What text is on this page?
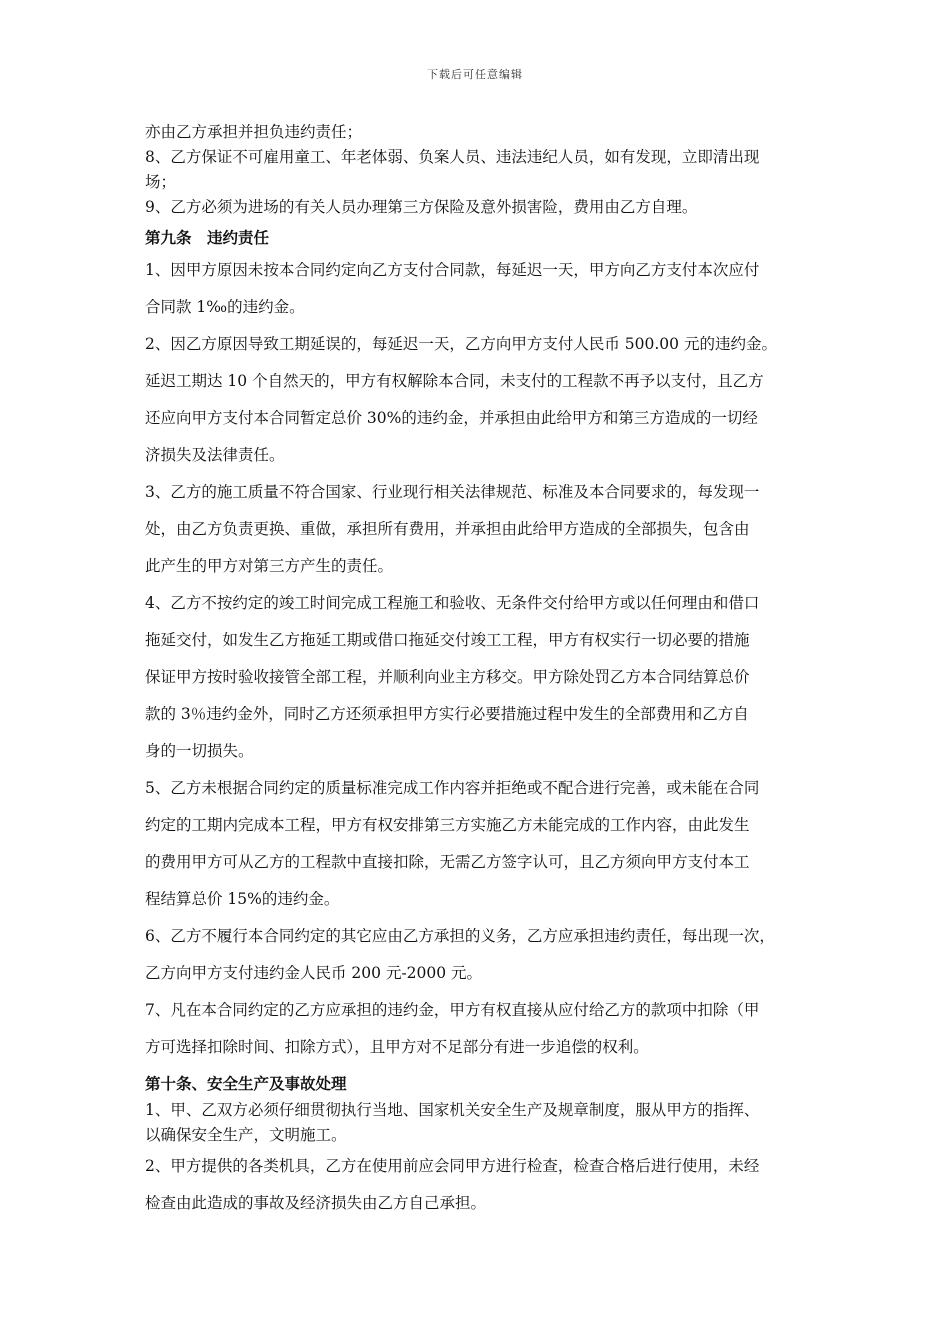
下载后可任意编辑
亦由乙方承担并担负违约责任；
8、乙方保证不可雇用童工、年老体弱、负案人员、违法违纪人员，如有发现，立即清出现
场；
9、乙方必须为进场的有关人员办理第三方保险及意外损害险，费用由乙方自理。
第九条　违约责任
1、因甲方原因未按本合同约定向乙方支付合同款，每延迟一天，甲方向乙方支付本次应付
合同款 1‰的违约金。
2、因乙方原因导致工期延误的，每延迟一天，乙方向甲方支付人民币 500.00 元的违约金。
延迟工期达 10 个自然天的，甲方有权解除本合同，未支付的工程款不再予以支付，且乙方
还应向甲方支付本合同暂定总价 30%的违约金，并承担由此给甲方和第三方造成的一切经
济损失及法律责任。
3、乙方的施工质量不符合国家、行业现行相关法律规范、标准及本合同要求的，每发现一
处，由乙方负责更换、重做，承担所有费用，并承担由此给甲方造成的全部损失，包含由
此产生的甲方对第三方产生的责任。
4、乙方不按约定的竣工时间完成工程施工和验收、无条件交付给甲方或以任何理由和借口
拖延交付，如发生乙方拖延工期或借口拖延交付竣工工程，甲方有权实行一切必要的措施
保证甲方按时验收接管全部工程，并顺利向业主方移交。甲方除处罚乙方本合同结算总价
款的 3％违约金外，同时乙方还须承担甲方实行必要措施过程中发生的全部费用和乙方自
身的一切损失。
5、乙方未根据合同约定的质量标准完成工作内容并拒绝或不配合进行完善，或未能在合同
约定的工期内完成本工程，甲方有权安排第三方实施乙方未能完成的工作内容，由此发生
的费用甲方可从乙方的工程款中直接扣除，无需乙方签字认可，且乙方须向甲方支付本工
程结算总价 15%的违约金。
6、乙方不履行本合同约定的其它应由乙方承担的义务，乙方应承担违约责任，每出现一次，
乙方向甲方支付违约金人民币 200 元-2000 元。
7、凡在本合同约定的乙方应承担的违约金，甲方有权直接从应付给乙方的款项中扣除（甲
方可选择扣除时间、扣除方式），且甲方对不足部分有进一步追偿的权利。
第十条、安全生产及事故处理
1、甲、乙双方必须仔细贯彻执行当地、国家机关安全生产及规章制度，服从甲方的指挥、
以确保安全生产，文明施工。
2、甲方提供的各类机具，乙方在使用前应会同甲方进行检查，检查合格后进行使用，未经
检查由此造成的事故及经济损失由乙方自己承担。
